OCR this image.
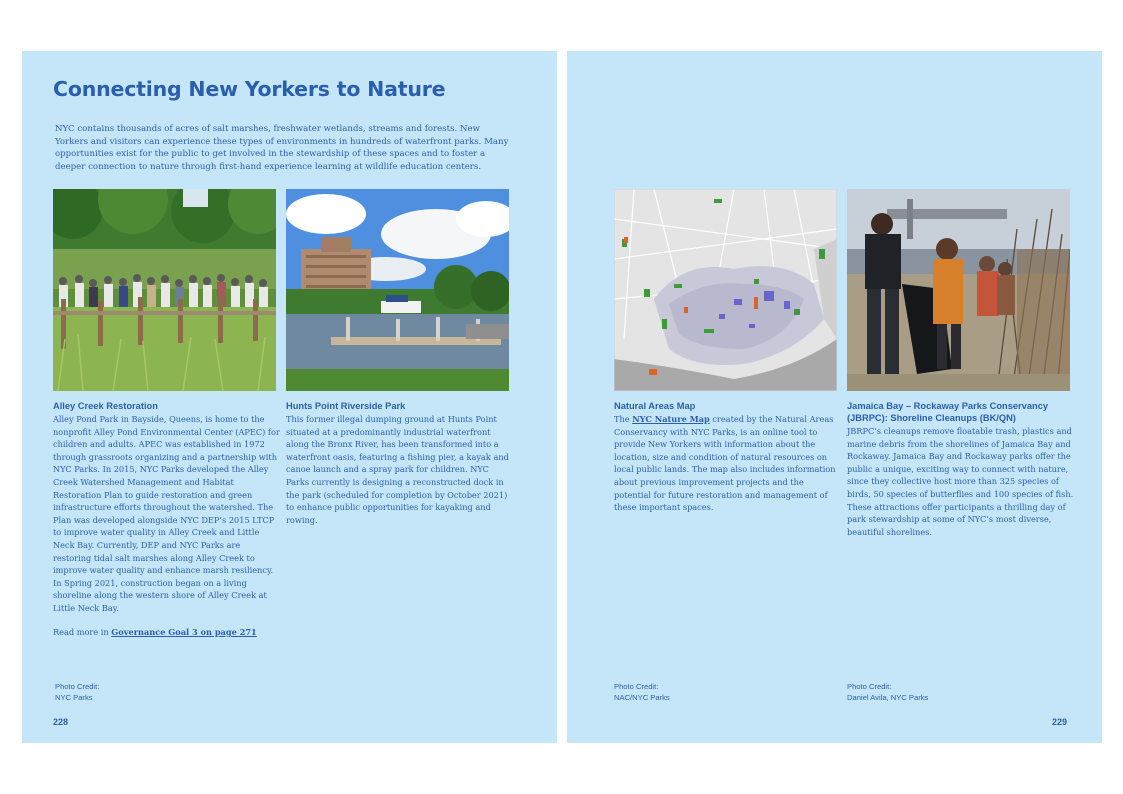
Connecting New Yorkers to Nature

NYC contains thousands of acres of salt marshes, freshwater wetlands, streams and forests. New Yorkers and visitors can experience these types of environments in hundreds of waterfront parks. Many opportunities exist for the public to get involved in the stewardship of these spaces and to foster a deeper connection to nature through first-hand experience learning at wildlife education centers.

Alley Creek Restoration

Alley Pond Park in Bayside, Queens, is home to the nonprofit Alley Pond Environmental Center (APEC) for children and adults. APEC was established in 1972 through grassroots organizing and a partnership with NYC Parks. In 2015, NYC Parks developed the Alley Creek Watershed Management and Habitat Restoration Plan to guide restoration and green infrastructure efforts throughout the watershed. The Plan was developed alongside NYC DEP’s 2015 LTCP to improve water quality in Alley Creek and Little Neck Bay. Currently, DEP and NYC Parks are restoring tidal salt marshes along Alley Creek to improve water quality and enhance marsh resiliency. In Spring 2021, construction began on a living shoreline along the western shore of Alley Creek at Little Neck Bay.

Read more in Governance Goal 3 on page 271

Hunts Point Riverside Park

This former illegal dumping ground at Hunts Point situated at a predominantly industrial waterfront along the Bronx River, has been transformed into a waterfront oasis, featuring a fishing pier, a kayak and canoe launch and a spray park for children. NYC Parks currently is designing a reconstructed dock in the park (scheduled for completion by October 2021) to enhance public opportunities for kayaking and rowing.

Photo Credit:
NYC Parks
228
Natural Areas Map

The NYC Nature Map created by the Natural Areas Conservancy with NYC Parks, is an online tool to provide New Yorkers with information about the location, size and condition of natural resources on local public lands. The map also includes information about previous improvement projects and the potential for future restoration and management of these important spaces.

Jamaica Bay – Rockaway Parks Conservancy (JBRPC): Shoreline Cleanups (BK/QN)

JBRPC’s cleanups remove floatable trash, plastics and marine debris from the shorelines of Jamaica Bay and Rockaway. Jamaica Bay and Rockaway parks offer the public a unique, exciting way to connect with nature, since they collective host more than 325 species of birds, 50 species of butterflies and 100 species of fish. These attractions offer participants a thrilling day of park stewardship at some of NYC’s most diverse, beautiful shorelines.

Photo Credit:
NAC/NYC Parks
Photo Credit:
Daniel Avila, NYC Parks
229
